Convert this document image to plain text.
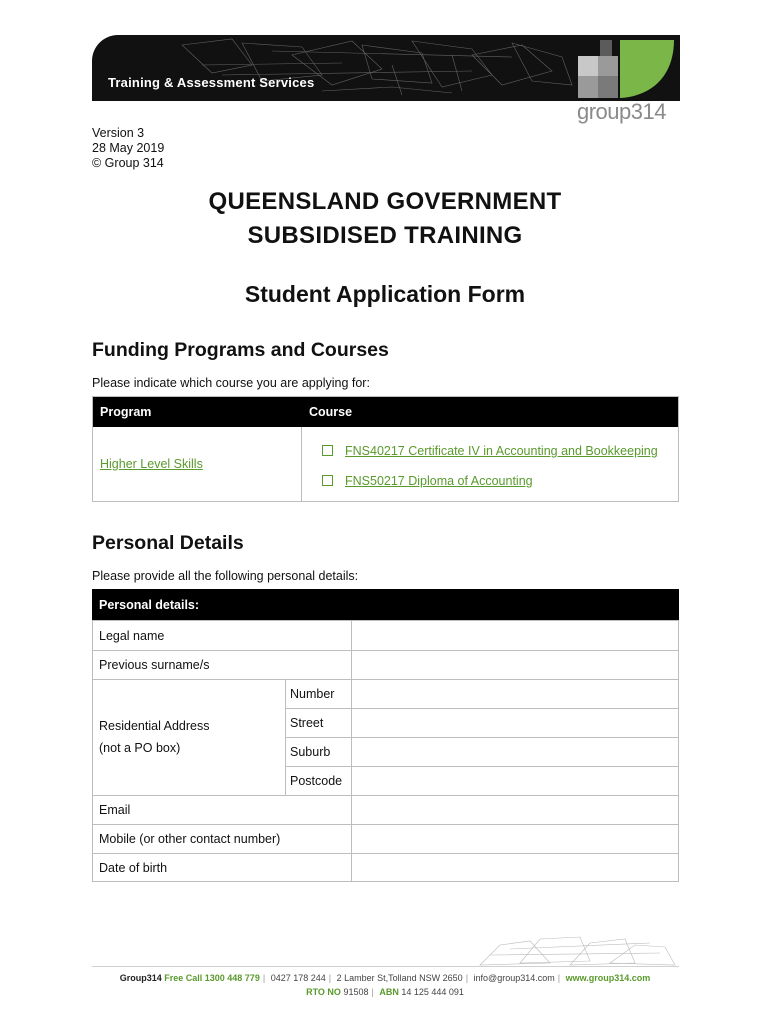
Training & Assessment Services
group314
Version 3
28 May 2019
© Group 314
QUEENSLAND GOVERNMENT
SUBSIDISED TRAINING
Student Application Form
Funding Programs and Courses

Please indicate which course you are applying for:

Program	Course
Higher Level Skills
FNS40217 Certificate IV in Accounting and Bookkeeping
FNS50217 Diploma of Accounting
Personal Details

Please provide all the following personal details:

Personal details:
Legal name
Previous surname/s
Residential Address
(not a PO box)
Number
Street
Suburb
Postcode
Email
Mobile (or other contact number)
Date of birth
Group314 Free Call 1300 448 779 | 0427 178 244 | 2 Lamber St,Tolland NSW 2650 | info@group314.com | www.group314.com
RTO NO 91508 | ABN 14 125 444 091
